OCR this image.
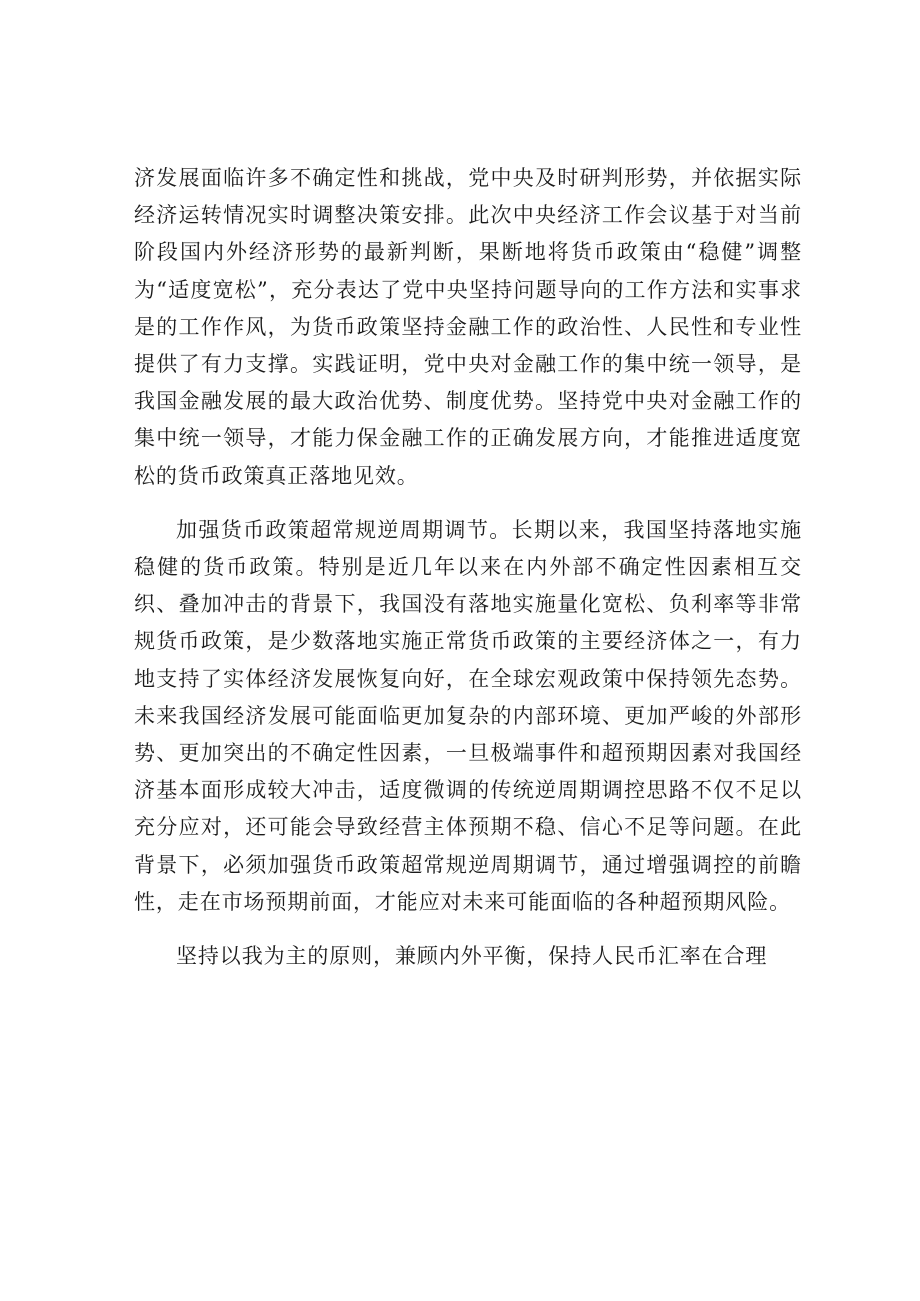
济发展面临许多不确定性和挑战，党中央及时研判形势，并依据实际经济运转情况实时调整决策安排。此次中央经济工作会议基于对当前阶段国内外经济形势的最新判断，果断地将货币政策由“稳健”调整为“适度宽松”，充分表达了党中央坚持问题导向的工作方法和实事求是的工作作风，为货币政策坚持金融工作的政治性、人民性和专业性提供了有力支撑。实践证明，党中央对金融工作的集中统一领导，是我国金融发展的最大政治优势、制度优势。坚持党中央对金融工作的集中统一领导，才能力保金融工作的正确发展方向，才能推进适度宽松的货币政策真正落地见效。

加强货币政策超常规逆周期调节。长期以来，我国坚持落地实施稳健的货币政策。特别是近几年以来在内外部不确定性因素相互交织、叠加冲击的背景下，我国没有落地实施量化宽松、负利率等非常规货币政策，是少数落地实施正常货币政策的主要经济体之一，有力地支持了实体经济发展恢复向好，在全球宏观政策中保持领先态势。未来我国经济发展可能面临更加复杂的内部环境、更加严峻的外部形势、更加突出的不确定性因素，一旦极端事件和超预期因素对我国经济基本面形成较大冲击，适度微调的传统逆周期调控思路不仅不足以充分应对，还可能会导致经营主体预期不稳、信心不足等问题。在此背景下，必须加强货币政策超常规逆周期调节，通过增强调控的前瞻性，走在市场预期前面，才能应对未来可能面临的各种超预期风险。

坚持以我为主的原则，兼顾内外平衡，保持人民币汇率在合理
